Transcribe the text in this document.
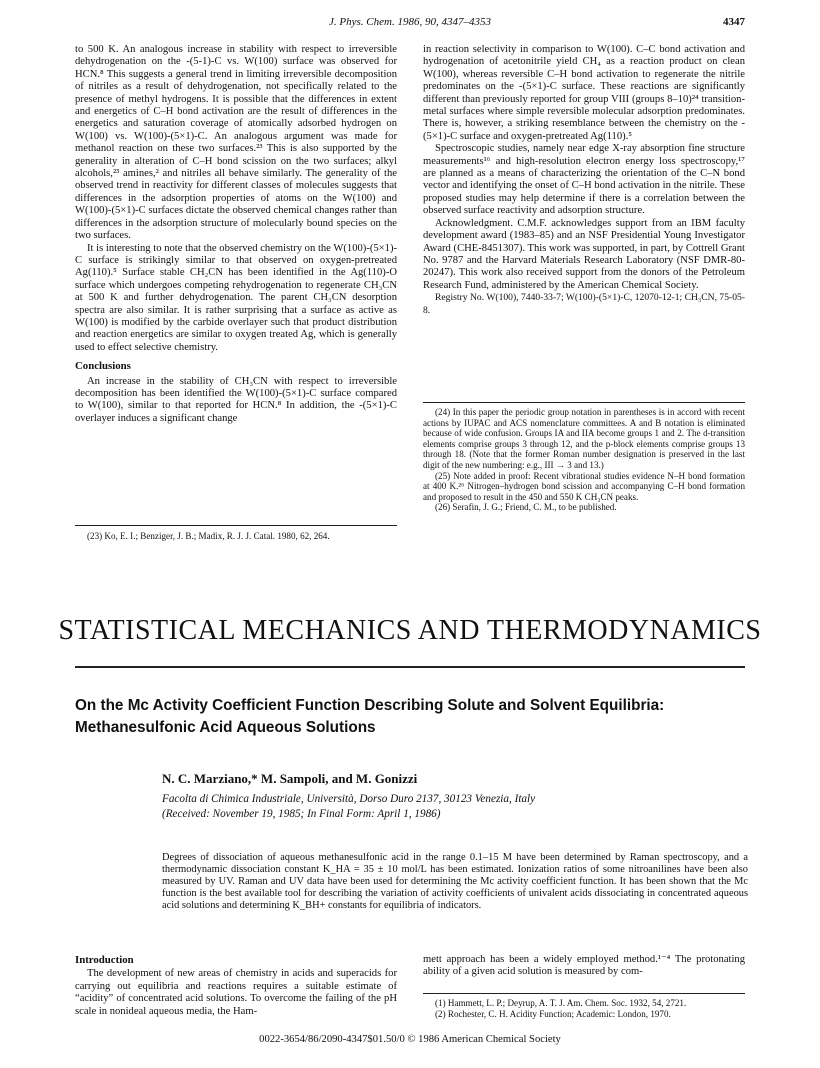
J. Phys. Chem. 1986, 90, 4347–4353	4347

to 500 K. An analogous increase in stability with respect to irreversible dehydrogenation on the -(5-1)-C vs. W(100) surface was observed for HCN.⁸ This suggests a general trend in limiting irreversible decomposition of nitriles as a result of dehydrogenation, not specifically related to the presence of methyl hydrogens. It is possible that the differences in extent and energetics of C–H bond activation are the result of differences in the energetics and saturation coverage of atomically adsorbed hydrogen on W(100) vs. W(100)-(5×1)-C. An analogous argument was made for methanol reaction on these two surfaces.²³ This is also supported by the generality in alteration of C–H bond scission on the two surfaces; alkyl alcohols,²³ amines,² and nitriles all behave similarly. The generality of the observed trend in reactivity for different classes of molecules suggests that differences in the adsorption properties of atoms on the W(100) and W(100)-(5×1)-C surfaces dictate the observed chemical changes rather than differences in the adsorption structure of molecularly bound species on the two surfaces.

It is interesting to note that the observed chemistry on the W(100)-(5×1)-C surface is strikingly similar to that observed on oxygen-pretreated Ag(110).⁵ Surface stable CH₂CN has been identified in the Ag(110)-O surface which undergoes competing rehydrogenation to regenerate CH₃CN at 500 K and further dehydrogenation. The parent CH₃CN desorption spectra are also similar. It is rather surprising that a surface as active as W(100) is modified by the carbide overlayer such that product distribution and reaction energetics are similar to oxygen treated Ag, which is generally used to effect selective chemistry.

Conclusions

An increase in the stability of CH₃CN with respect to irreversible decomposition has been identified the W(100)-(5×1)-C surface compared to W(100), similar to that reported for HCN.⁸ In addition, the -(5×1)-C overlayer induces a significant change

(23) Ko, E. I.; Benziger, J. B.; Madix, R. J. J. Catal. 1980, 62, 264.

in reaction selectivity in comparison to W(100). C–C bond activation and hydrogenation of acetonitrile yield CH₄ as a reaction product on clean W(100), whereas reversible C–H bond activation to regenerate the nitrile predominates on the -(5×1)-C surface. These reactions are significantly different than previously reported for group VIII (groups 8–10)²⁴ transition-metal surfaces where simple reversible molecular adsorption predominates. There is, however, a striking resemblance between the chemistry on the -(5×1)-C surface and oxygen-pretreated Ag(110).⁵

Spectroscopic studies, namely near edge X-ray absorption fine structure measurements¹⁶ and high-resolution electron energy loss spectroscopy,¹⁷ are planned as a means of characterizing the orientation of the C–N bond vector and identifying the onset of C–H bond activation in the nitrile. These proposed studies may help determine if there is a correlation between the observed surface reactivity and adsorption structure.

Acknowledgment. C.M.F. acknowledges support from an IBM faculty development award (1983–85) and an NSF Presidential Young Investigator Award (CHE-8451307). This work was supported, in part, by Cottrell Grant No. 9787 and the Harvard Materials Research Laboratory (NSF DMR-80-20247). This work also received support from the donors of the Petroleum Research Fund, administered by the American Chemical Society.

Registry No. W(100), 7440-33-7; W(100)-(5×1)-C, 12070-12-1; CH₃CN, 75-05-8.

(24) In this paper the periodic group notation in parentheses is in accord with recent actions by IUPAC and ACS nomenclature committees. A and B notation is eliminated because of wide confusion. Groups IA and IIA become groups 1 and 2. The d-transition elements comprise groups 3 through 12, and the p-block elements comprise groups 13 through 18. (Note that the former Roman number designation is preserved in the last digit of the new numbering: e.g., III → 3 and 13.)

(25) Note added in proof: Recent vibrational studies evidence N–H bond formation at 400 K.²⁶ Nitrogen–hydrogen bond scission and accompanying C–H bond formation and proposed to result in the 450 and 550 K CH₃CN peaks.

(26) Serafin, J. G.; Friend, C. M., to be published.

STATISTICAL MECHANICS AND THERMODYNAMICS
On the Mc Activity Coefficient Function Describing Solute and Solvent Equilibria:
Methanesulfonic Acid Aqueous Solutions
N. C. Marziano,* M. Sampoli, and M. Gonizzi
Facolta di Chimica Industriale, Università, Dorso Duro 2137, 30123 Venezia, Italy
(Received: November 19, 1985; In Final Form: April 1, 1986)
Degrees of dissociation of aqueous methanesulfonic acid in the range 0.1–15 M have been determined by Raman spectroscopy, and a thermodynamic dissociation constant K_HA = 35 ± 10 mol/L has been estimated. Ionization ratios of some nitroanilines have been also measured by UV. Raman and UV data have been used for determining the Mc activity coefficient function. It has been shown that the Mc function is the best available tool for describing the variation of activity coefficients of univalent acids dissociating in concentrated aqueous acid solutions and determining K_BH+ constants for equilibria of indicators.
Introduction

The development of new areas of chemistry in acids and superacids for carrying out equilibria and reactions requires a suitable estimate of “acidity” of concentrated acid solutions. To overcome the failing of the pH scale in nonideal aqueous media, the Ham-

mett approach has been a widely employed method.¹⁻⁴ The protonating ability of a given acid solution is measured by com-

(1) Hammett, L. P.; Deyrup, A. T. J. Am. Chem. Soc. 1932, 54, 2721.

(2) Rochester, C. H. Acidity Function; Academic: London, 1970.

0022-3654/86/2090-4347$01.50/0 © 1986 American Chemical Society
